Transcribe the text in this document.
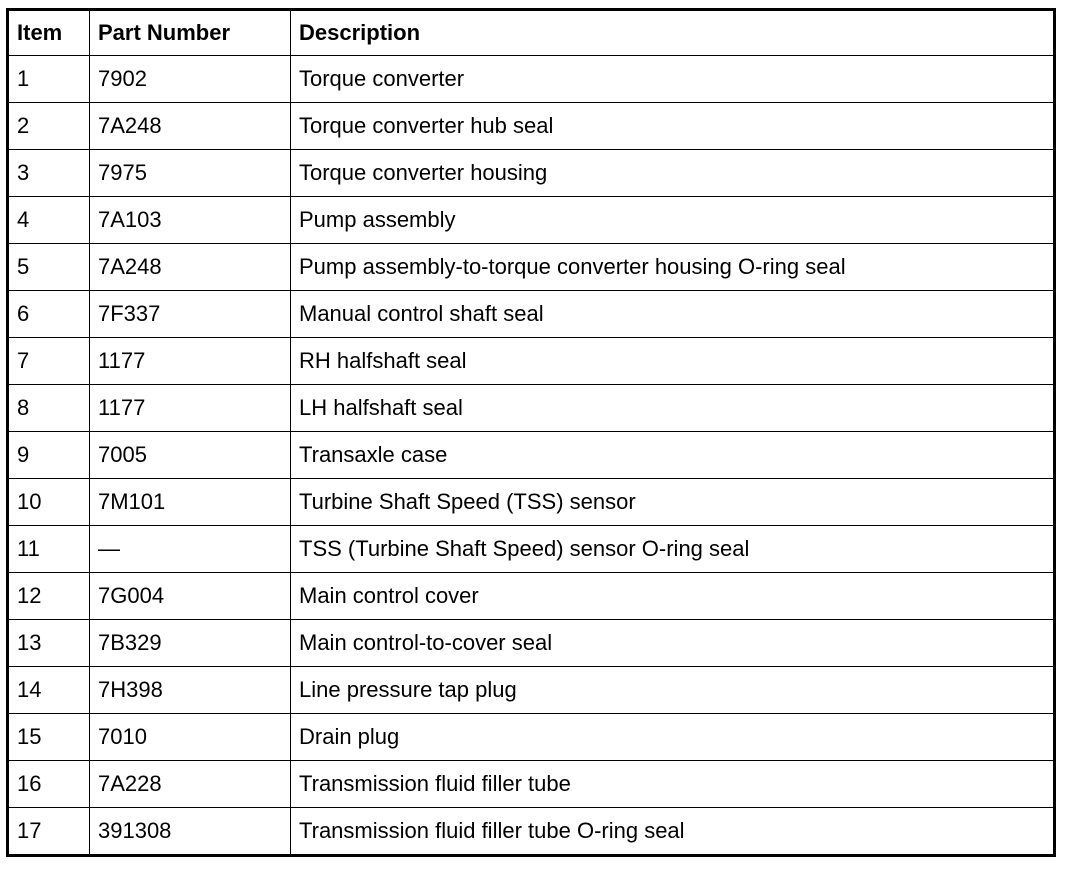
Item	Part Number	Description
1	7902	Torque converter
2	7A248	Torque converter hub seal
3	7975	Torque converter housing
4	7A103	Pump assembly
5	7A248	Pump assembly-to-torque converter housing O-ring seal
6	7F337	Manual control shaft seal
7	1177	RH halfshaft seal
8	1177	LH halfshaft seal
9	7005	Transaxle case
10	7M101	Turbine Shaft Speed (TSS) sensor
11	—	TSS (Turbine Shaft Speed) sensor O-ring seal
12	7G004	Main control cover
13	7B329	Main control-to-cover seal
14	7H398	Line pressure tap plug
15	7010	Drain plug
16	7A228	Transmission fluid filler tube
17	391308	Transmission fluid filler tube O-ring seal
